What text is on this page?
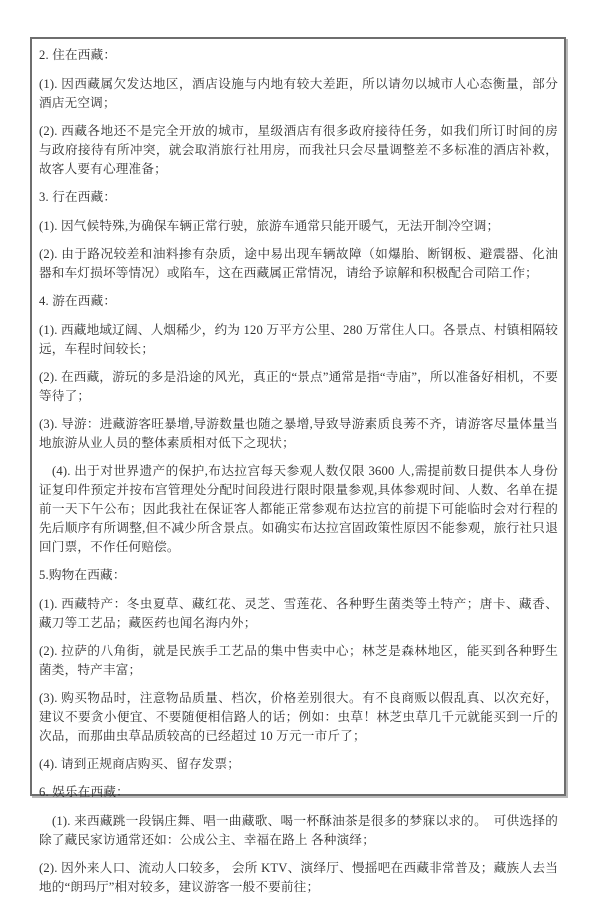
2. 住在西藏：

(1). 因西藏属欠发达地区，酒店设施与内地有较大差距，所以请勿以城市人心态衡量，部分酒店无空调；

(2). 西藏各地还不是完全开放的城市，星级酒店有很多政府接待任务，如我们所订时间的房与政府接待有所冲突，就会取消旅行社用房，而我社只会尽量调整差不多标准的酒店补救，故客人要有心理准备；

3. 行在西藏：

(1). 因气候特殊,为确保车辆正常行驶，旅游车通常只能开暖气，无法开制冷空调；

(2). 由于路况较差和油料掺有杂质，途中易出现车辆故障（如爆胎、断钢板、避震器、化油器和车灯损坏等情况）或陷车，这在西藏属正常情况，请给予谅解和积极配合司陪工作；

4. 游在西藏：

(1). 西藏地域辽阔、人烟稀少，约为 120 万平方公里、280 万常住人口。各景点、村镇相隔较远，车程时间较长；

(2). 在西藏，游玩的多是沿途的风光，真正的“景点”通常是指“寺庙”，所以准备好相机，不要等待了；

(3). 导游：进藏游客旺暴增,导游数量也随之暴增,导致导游素质良莠不齐，请游客尽量体量当地旅游从业人员的整体素质相对低下之现状；

(4). 出于对世界遗产的保护,布达拉宫每天参观人数仅限 3600 人,需提前数日提供本人身份证复印件预定并按布宫管理处分配时间段进行限时限量参观,具体参观时间、人数、名单在提前一天下午公布；因此我社在保证客人都能正常参观布达拉宫的前提下可能临时会对行程的先后顺序有所调整,但不减少所含景点。如确实布达拉宫固政策性原因不能参观，旅行社只退回门票，不作任何赔偿。

5.购物在西藏：

(1). 西藏特产：冬虫夏草、藏红花、灵芝、雪莲花、各种野生菌类等土特产；唐卡、藏香、藏刀等工艺品；藏医药也闻名海内外；

(2). 拉萨的八角街，就是民族手工艺品的集中售卖中心；林芝是森林地区，能买到各种野生菌类，特产丰富；

(3). 购买物品时，注意物品质量、档次，价格差别很大。有不良商贩以假乱真、以次充好，建议不要贪小便宜、不要随便相信路人的话；例如：虫草！林芝虫草几千元就能买到一斤的次品，而那曲虫草品质较高的已经超过 10 万元一市斤了；

(4). 请到正规商店购买、留存发票；

6. 娱乐在西藏：

(1). 来西藏跳一段锅庄舞、唱一曲藏歌、喝一杯酥油茶是很多的梦寐以求的。　可供选择的除了藏民家访通常还如：公成公主、幸福在路上 各种演绎；

(2). 因外来人口、流动人口较多， 会所 KTV、演绎厅、慢摇吧在西藏非常普及；藏族人去当地的“朗玛厅”相对较多，建议游客一般不要前往；
